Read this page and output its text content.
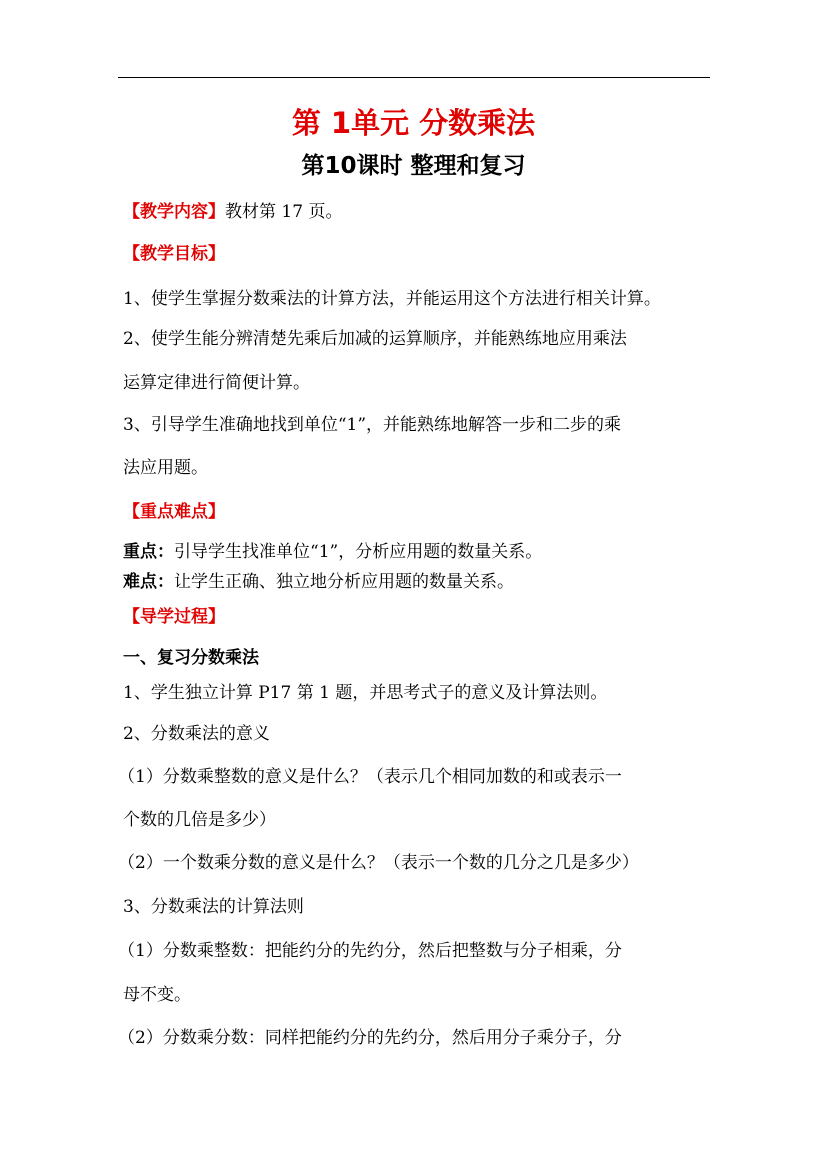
第 1单元 分数乘法
第10课时 整理和复习
【教学内容】教材第 17 页。
【教学目标】
1、使学生掌握分数乘法的计算方法，并能运用这个方法进行相关计算。
2、使学生能分辨清楚先乘后加减的运算顺序，并能熟练地应用乘法
运算定律进行简便计算。
3、引导学生准确地找到单位“1”，并能熟练地解答一步和二步的乘
法应用题。
【重点难点】
重点：引导学生找准单位“1”，分析应用题的数量关系。
难点：让学生正确、独立地分析应用题的数量关系。
【导学过程】
一、复习分数乘法
1、学生独立计算 P17 第 1 题，并思考式子的意义及计算法则。
2、分数乘法的意义
（1）分数乘整数的意义是什么？（表示几个相同加数的和或表示一
个数的几倍是多少）
（2）一个数乘分数的意义是什么？（表示一个数的几分之几是多少）
3、分数乘法的计算法则
（1）分数乘整数：把能约分的先约分，然后把整数与分子相乘，分
母不变。
（2）分数乘分数：同样把能约分的先约分，然后用分子乘分子，分
